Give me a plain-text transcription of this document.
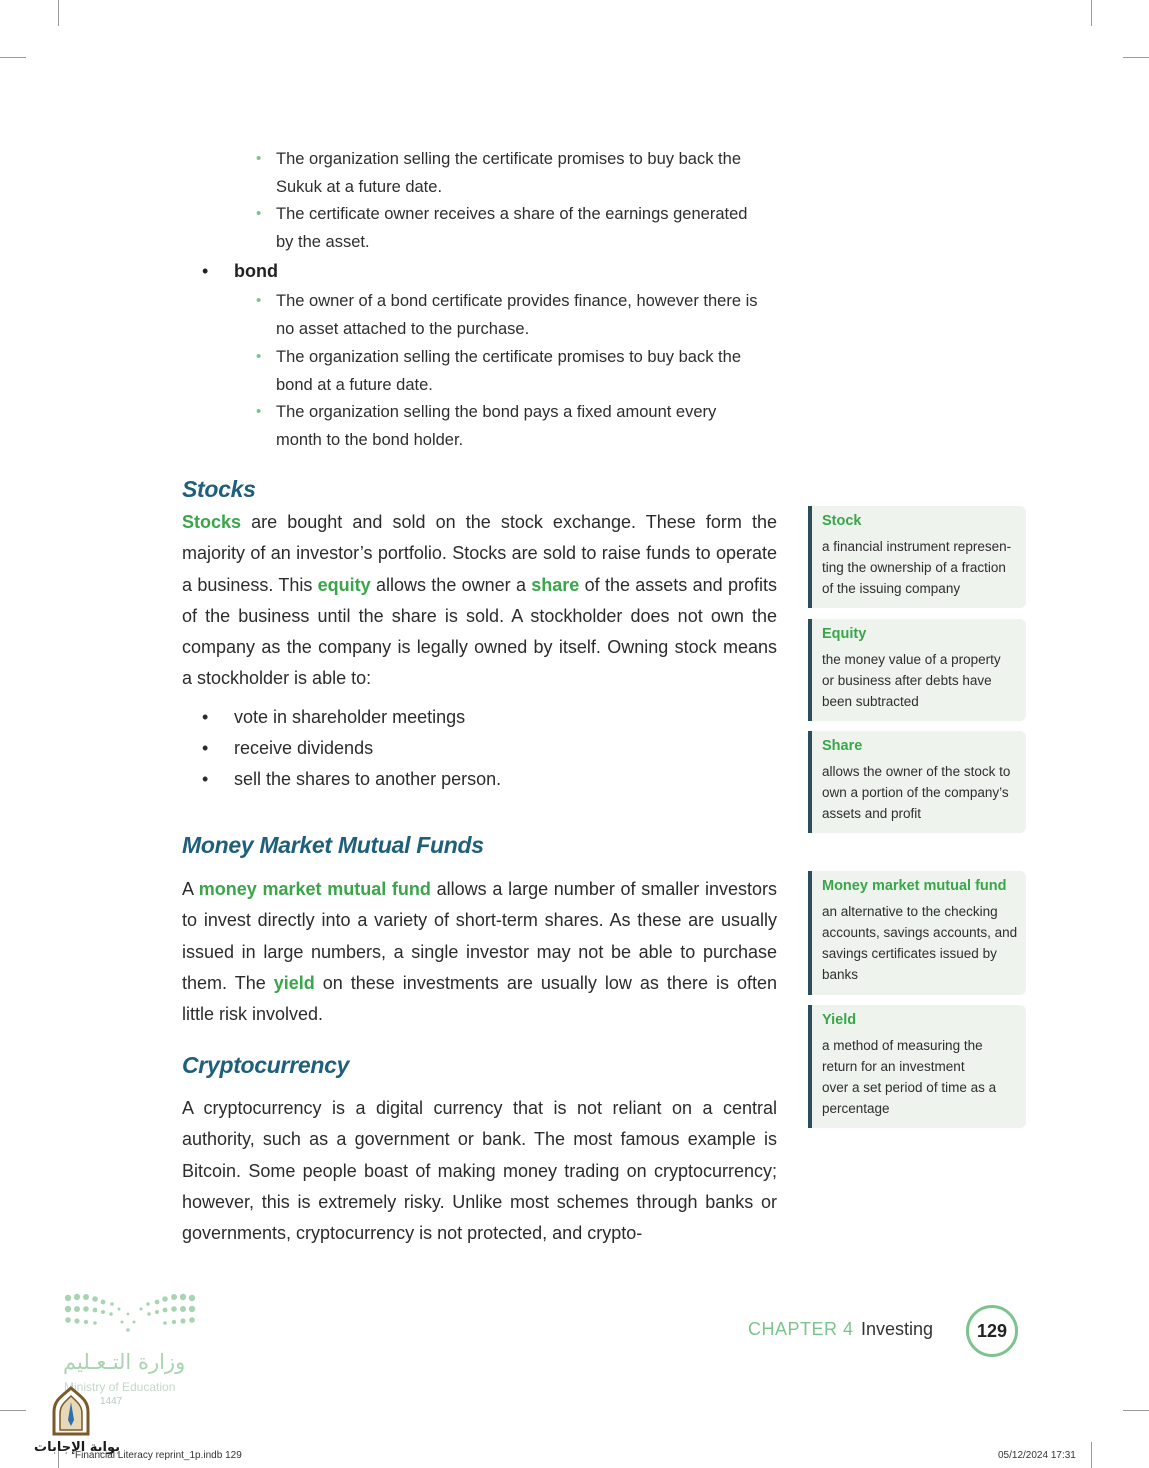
• The organization selling the certificate promises to buy back the
Sukuk at a future date.
• The certificate owner receives a share of the earnings generated
by the asset.
• bond
• The owner of a bond certificate provides finance, however there is
no asset attached to the purchase.
• The organization selling the certificate promises to buy back the
bond at a future date.
• The organization selling the bond pays a fixed amount every
month to the bond holder.
Stocks
Stocks are bought and sold on the stock exchange. These form the majority of an investor’s portfolio. Stocks are sold to raise funds to operate a business. This equity allows the owner a share of the assets and profits of the business until the share is sold. A stockholder does not own the company as the company is legally owned by itself. Owning stock means a stockholder is able to:
• vote in shareholder meetings
• receive dividends
• sell the shares to another person.
Money Market Mutual Funds
A money market mutual fund allows a large number of smaller investors to invest directly into a variety of short-term shares. As these are usually issued in large numbers, a single investor may not be able to purchase them. The yield on these investments are usually low as there is often little risk involved.
Cryptocurrency
A cryptocurrency is a digital currency that is not reliant on a central authority, such as a government or bank. The most famous example is Bitcoin. Some people boast of making money trading on cryptocurrency; however, this is extremely risky. Unlike most schemes through banks or governments, cryptocurrency is not protected, and crypto-
Stock
a financial instrument represen-
ting the ownership of a fraction
of the issuing company
Equity
the money value of a property
or business after debts have
been subtracted
Share
allows the owner of the stock to
own a portion of the company’s
assets and profit
Money market mutual fund
an alternative to the checking
accounts, savings accounts, and
savings certificates issued by
banks
Yield
a method of measuring the
return for an investment
over a set period of time as a
percentage
CHAPTER 4 Investing 129
وزارة التـعـليم
Ministry of Education
1447
بوابة الإجابات
Financial Literacy reprint_1p.indb 129	05/12/2024 17:31
